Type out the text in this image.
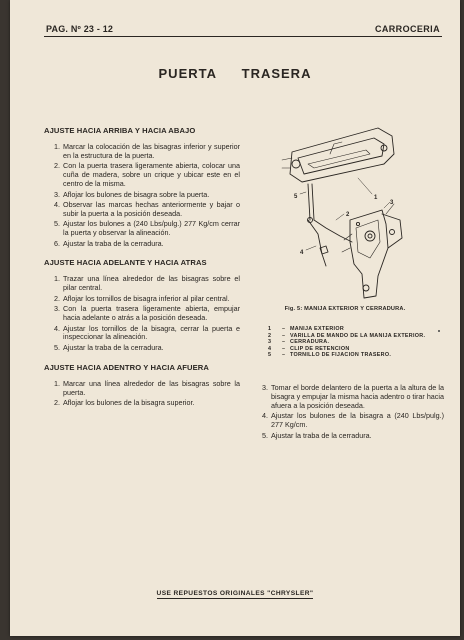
PAG. Nº 23 - 12	CARROCERIA
PUERTA TRASERA
AJUSTE HACIA ARRIBA Y HACIA ABAJO
1. Marcar la colocación de las bisagras inferior y superior en la estructura de la puerta.
2. Con la puerta trasera ligeramente abierta, colocar una cuña de madera, sobre un crique y ubicar este en el centro de la misma.
3. Aflojar los bulones de bisagra sobre la puerta.
4. Observar las marcas hechas anteriormente y bajar o subir la puerta a la posición deseada.
5. Ajustar los bulones a (240 Lbs/pulg.) 277 Kg/cm cerrar la puerta y observar la alineación.
6. Ajustar la traba de la cerradura.
AJUSTE HACIA ADELANTE Y HACIA ATRAS
1. Trazar una línea alrededor de las bisagras sobre el pilar central.
2. Aflojar los tornillos de bisagra inferior al pilar central.
3. Con la puerta trasera ligeramente abierta, empujar hacia adelante o atrás a la posición deseada.
4. Ajustar los tornillos de la bisagra, cerrar la puerta e inspeccionar la alineación.
5. Ajustar la traba de la cerradura.
AJUSTE HACIA ADENTRO Y HACIA AFUERA
1. Marcar una línea alrededor de las bisagras sobre la puerta.
2. Aflojar los bulones de la bisagra superior.
1
2
3
4
5
Fig. 5: MANIJA EXTERIOR Y CERRADURA.
1	– MANIJA EXTERIOR
2	– VARILLA DE MANDO DE LA MANIJA EXTERIOR.
3	– CERRADURA.
4	– CLIP DE RETENCION
5	– TORNILLO DE FIJACION TRASERO.
3. Tomar el borde delantero de la puerta a la altura de la bisagra y empujar la misma hacia adentro o tirar hacia afuera a la posición deseada.
4. Ajustar los bulones de la bisagra a (240 Lbs/pulg.) 277 Kg/cm.
5. Ajustar la traba de la cerradura.
USE REPUESTOS ORIGINALES "CHRYSLER"
